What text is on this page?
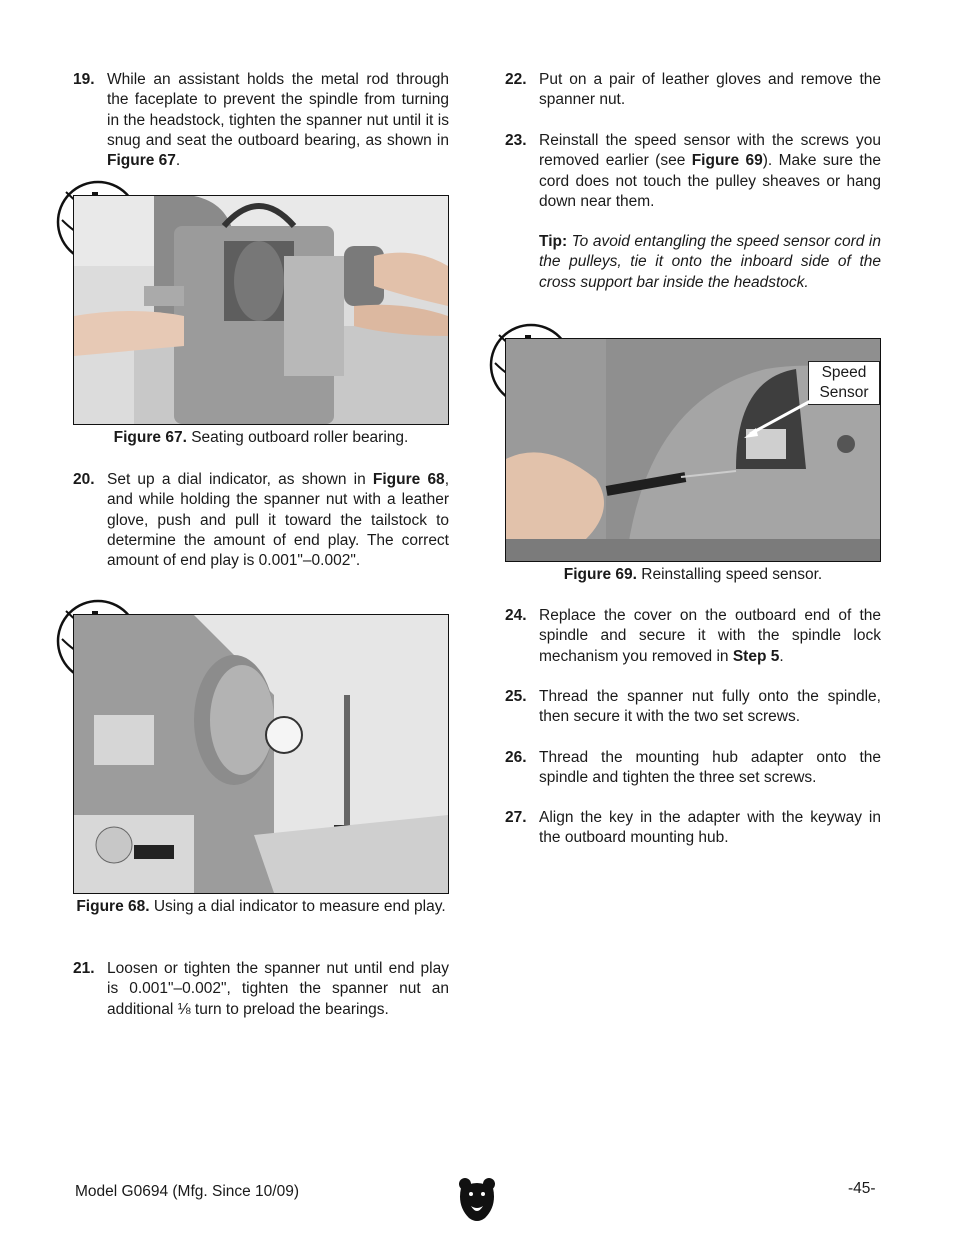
19. While an assistant holds the metal rod through the faceplate to prevent the spindle from turning in the headstock, tighten the spanner nut until it is snug and seat the outboard bearing, as shown in Figure 67.
Figure 67. Seating outboard roller bearing.
20. Set up a dial indicator, as shown in Figure 68, and while holding the spanner nut with a leather glove, push and pull it toward the tailstock to determine the amount of end play. The correct amount of end play is 0.001"–0.002".
Figure 68. Using a dial indicator to measure end play.
21. Loosen or tighten the spanner nut until end play is 0.001"–0.002", tighten the spanner nut an additional ⅛ turn to preload the bearings.
22. Put on a pair of leather gloves and remove the spanner nut.
23. Reinstall the speed sensor with the screws you removed earlier (see Figure 69). Make sure the cord does not touch the pulley sheaves or hang down near them.
Tip: To avoid entangling the speed sensor cord in the pulleys, tie it onto the inboard side of the cross support bar inside the headstock.
Speed
Sensor
Figure 69. Reinstalling speed sensor.
24. Replace the cover on the outboard end of the spindle and secure it with the spindle lock mechanism you removed in Step 5.
25. Thread the spanner nut fully onto the spindle, then secure it with the two set screws.
26. Thread the mounting hub adapter onto the spindle and tighten the three set screws.
27. Align the key in the adapter with the keyway in the outboard mounting hub.
Model G0694 (Mfg. Since 10/09)	-45-
